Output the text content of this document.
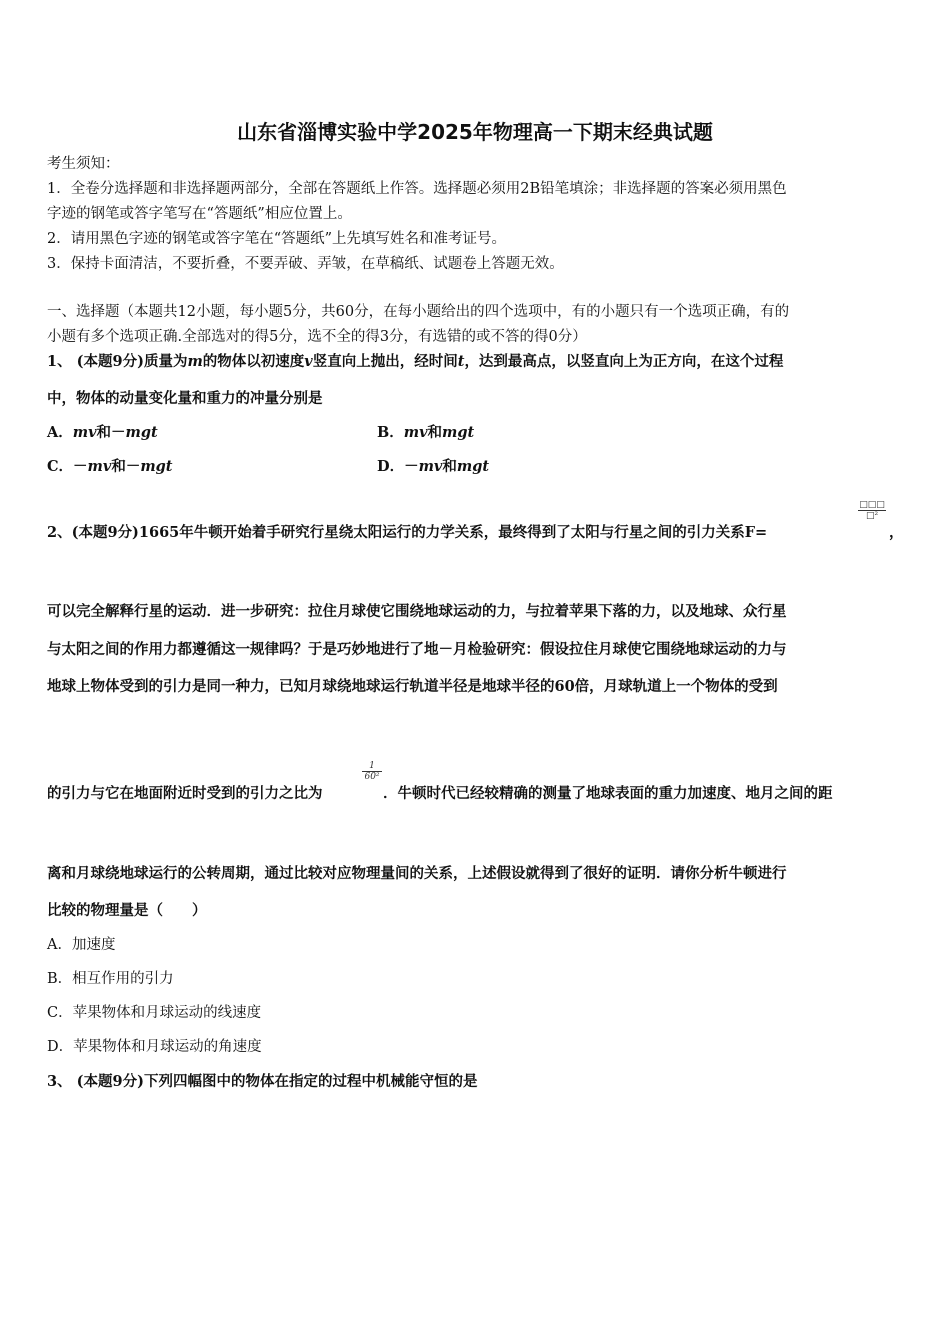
山东省淄博实验中学2025年物理高一下期末经典试题
考生须知：
1．全卷分选择题和非选择题两部分，全部在答题纸上作答。选择题必须用2B铅笔填涂；非选择题的答案必须用黑色
字迹的钢笔或答字笔写在“答题纸”相应位置上。
2．请用黑色字迹的钢笔或答字笔在“答题纸”上先填写姓名和准考证号。
3．保持卡面清洁，不要折叠，不要弄破、弄皱，在草稿纸、试题卷上答题无效。
一、选择题（本题共12小题，每小题5分，共60分，在每小题给出的四个选项中，有的小题只有一个选项正确，有的
小题有多个选项正确.全部选对的得5分，选不全的得3分，有选错的或不答的得0分）
1、 (本题9分)质量为m的物体以初速度v竖直向上抛出，经时间t，达到最高点，以竖直向上为正方向，在这个过程
中，物体的动量变化量和重力的冲量分别是
A．mv和－mgt	B．mv和mgt
C．－mv和－mgt	D．－mv和mgt
2、(本题9分)1665年牛顿开始着手研究行星绕太阳运行的力学关系，最终得到了太阳与行星之间的引力关系F=
□□□
□²
，
可以完全解释行星的运动．进一步研究：拉住月球使它围绕地球运动的力，与拉着苹果下落的力，以及地球、众行星
与太阳之间的作用力都遵循这一规律吗？于是巧妙地进行了地－月检验研究：假设拉住月球使它围绕地球运动的力与
地球上物体受到的引力是同一种力，已知月球绕地球运行轨道半径是地球半径的60倍，月球轨道上一个物体的受到
的引力与它在地面附近时受到的引力之比为
$\frac{1}{\text{60²}}$
．牛顿时代已经较精确的测量了地球表面的重力加速度、地月之间的距
离和月球绕地球运行的公转周期，通过比较对应物理量间的关系，上述假设就得到了很好的证明．请你分析牛顿进行
比较的物理量是（　　）
A．加速度
B．相互作用的引力
C．苹果物体和月球运动的线速度
D．苹果物体和月球运动的角速度
3、 (本题9分)下列四幅图中的物体在指定的过程中机械能守恒的是
